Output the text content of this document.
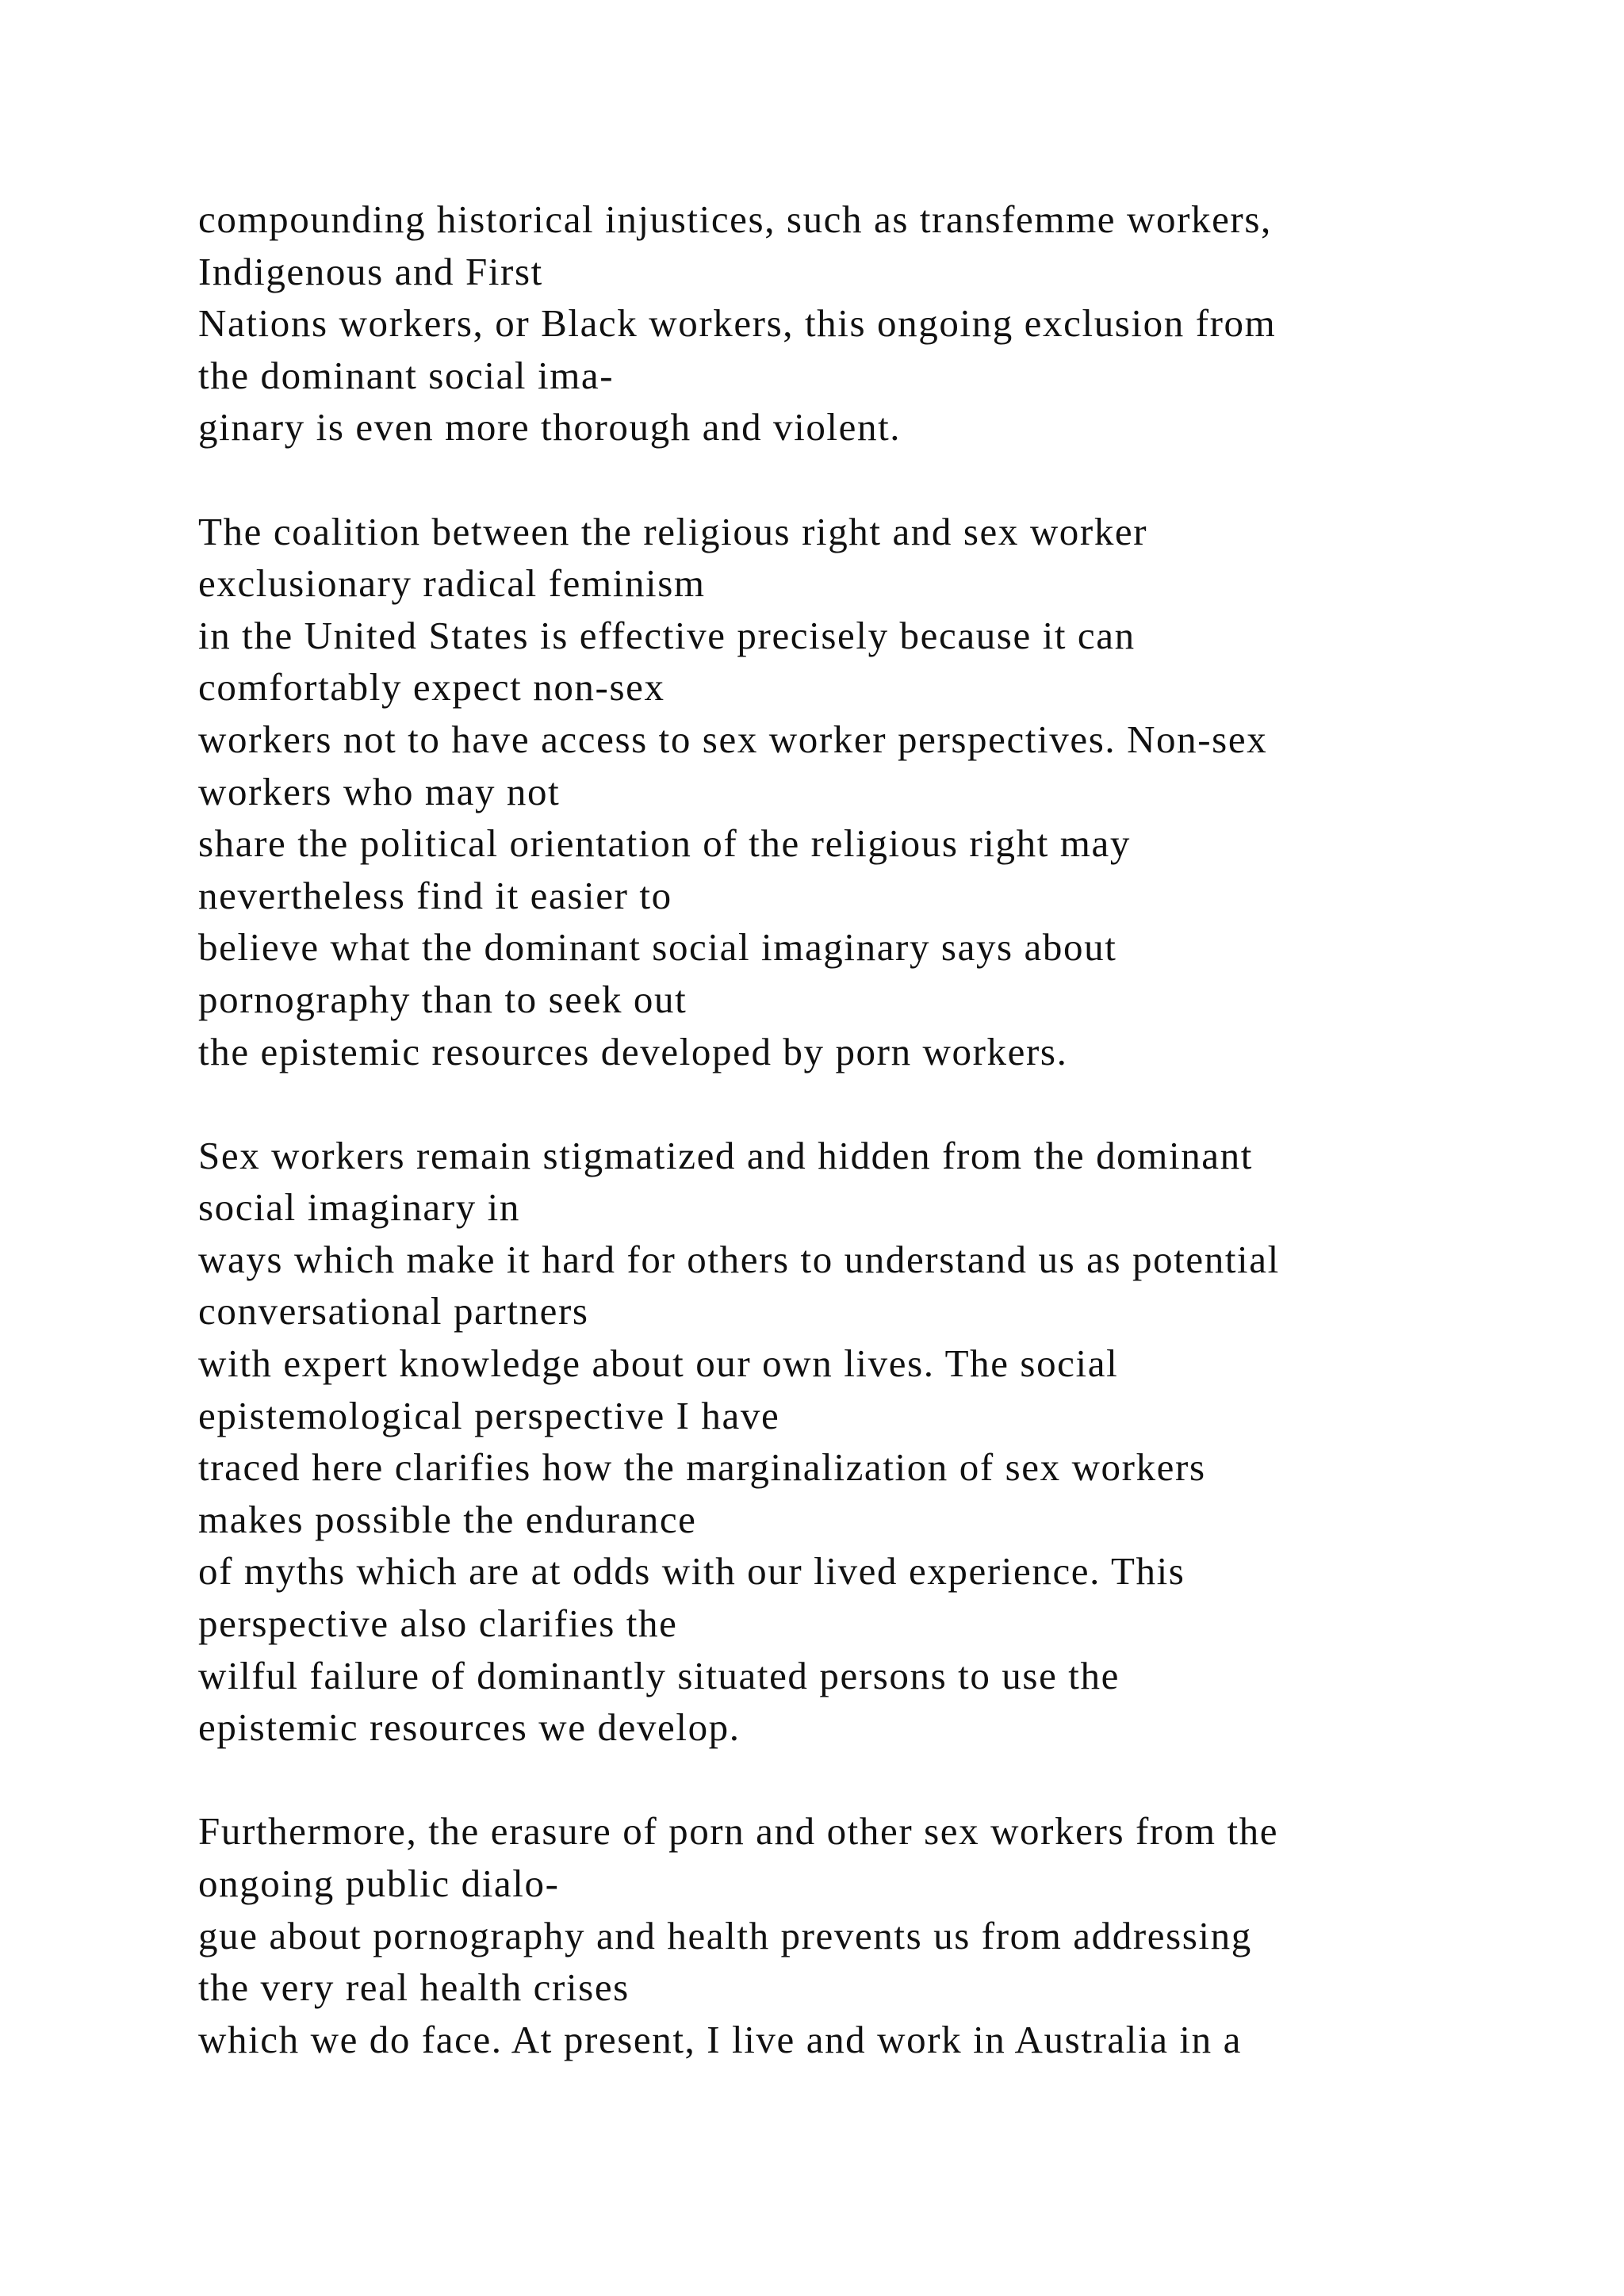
compounding historical injustices, such as transfemme workers,
Indigenous and First
Nations workers, or Black workers, this ongoing exclusion from
the dominant social ima-
ginary is even more thorough and violent.

The coalition between the religious right and sex worker
exclusionary radical feminism
in the United States is effective precisely because it can
comfortably expect non-sex
workers not to have access to sex worker perspectives. Non-sex
workers who may not
share the political orientation of the religious right may
nevertheless find it easier to
believe what the dominant social imaginary says about
pornography than to seek out
the epistemic resources developed by porn workers.

Sex workers remain stigmatized and hidden from the dominant
social imaginary in
ways which make it hard for others to understand us as potential
conversational partners
with expert knowledge about our own lives. The social
epistemological perspective I have
traced here clarifies how the marginalization of sex workers
makes possible the endurance
of myths which are at odds with our lived experience. This
perspective also clarifies the
wilful failure of dominantly situated persons to use the
epistemic resources we develop.

Furthermore, the erasure of porn and other sex workers from the
ongoing public dialo-
gue about pornography and health prevents us from addressing
the very real health crises
which we do face. At present, I live and work in Australia in a
